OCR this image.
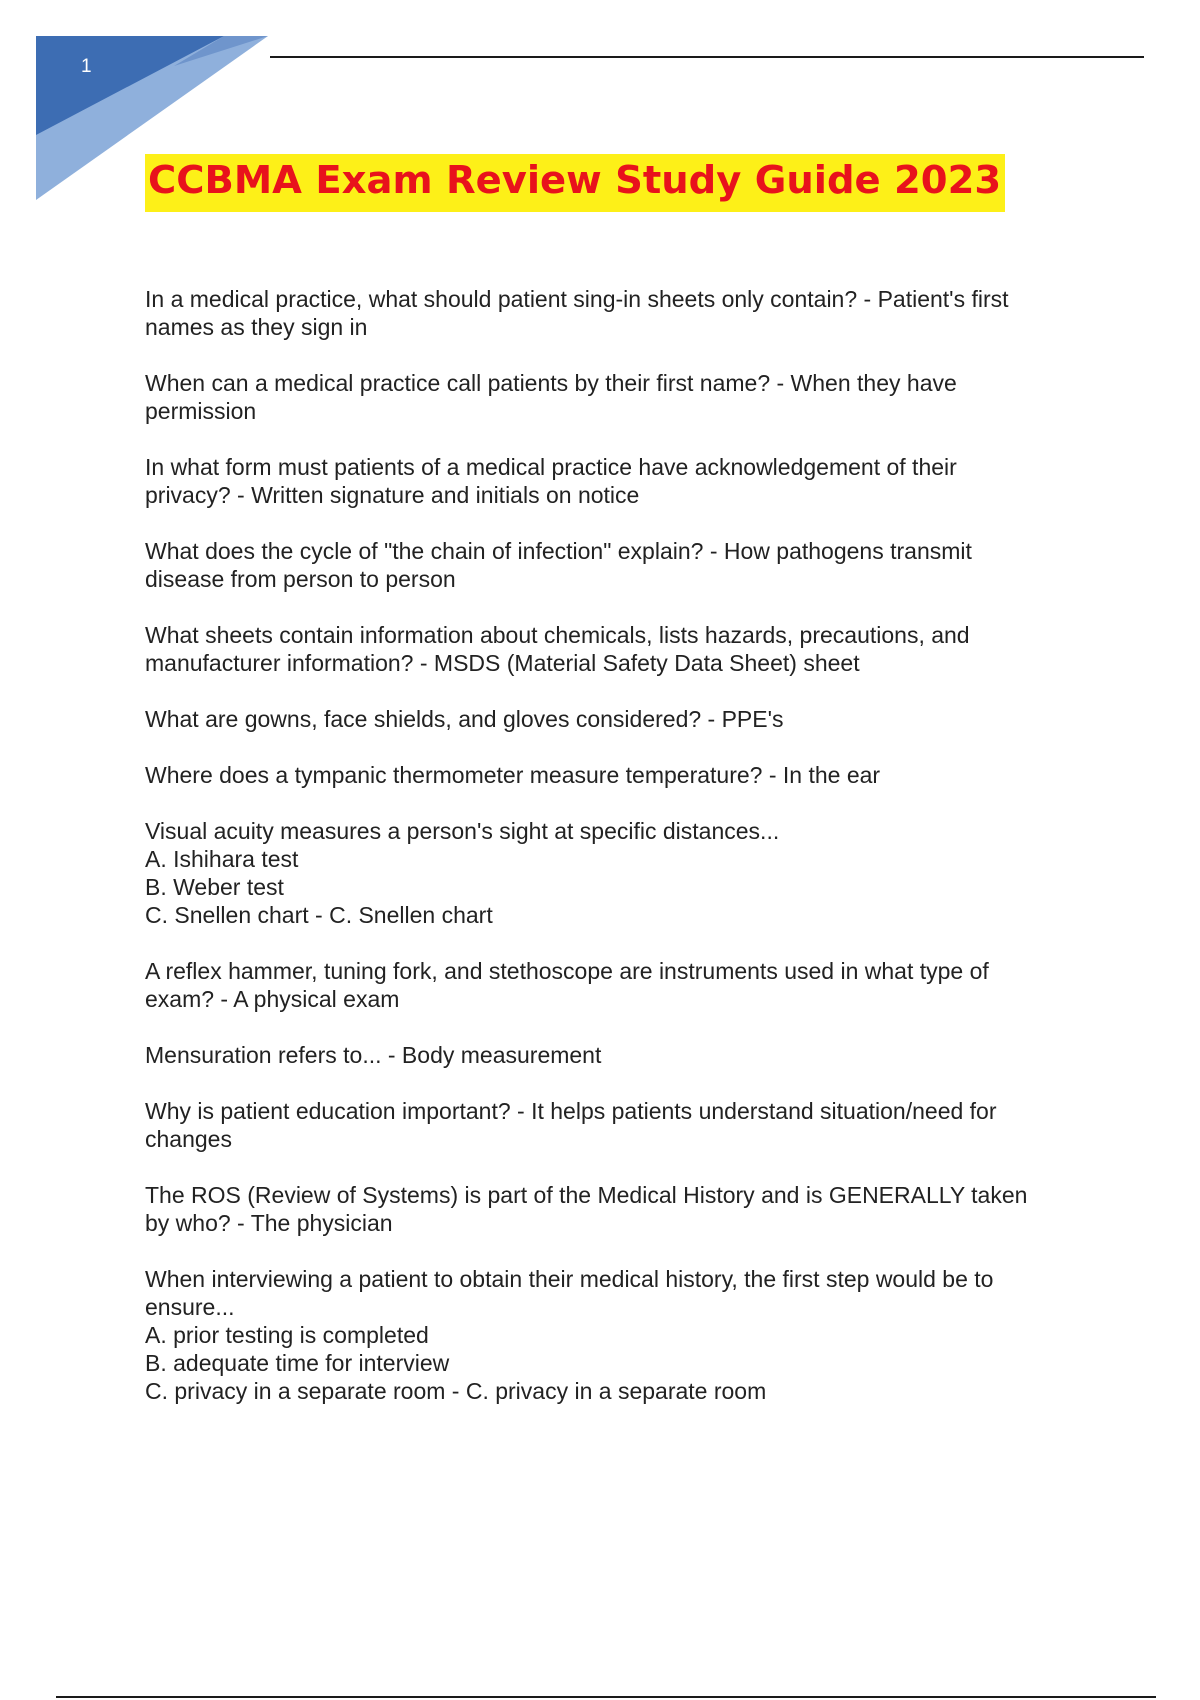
1
CCBMA Exam Review Study Guide 2023

In a medical practice, what should patient sing-in sheets only contain? - Patient's first
names as they sign in

When can a medical practice call patients by their first name? - When they have
permission

In what form must patients of a medical practice have acknowledgement of their
privacy? - Written signature and initials on notice

What does the cycle of "the chain of infection" explain? - How pathogens transmit
disease from person to person

What sheets contain information about chemicals, lists hazards, precautions, and
manufacturer information? - MSDS (Material Safety Data Sheet) sheet

What are gowns, face shields, and gloves considered? - PPE's

Where does a tympanic thermometer measure temperature? - In the ear

Visual acuity measures a person's sight at specific distances...
A. Ishihara test
B. Weber test
C. Snellen chart - C. Snellen chart

A reflex hammer, tuning fork, and stethoscope are instruments used in what type of
exam? - A physical exam

Mensuration refers to... - Body measurement

Why is patient education important? - It helps patients understand situation/need for
changes

The ROS (Review of Systems) is part of the Medical History and is GENERALLY taken
by who? - The physician

When interviewing a patient to obtain their medical history, the first step would be to
ensure...
A. prior testing is completed
B. adequate time for interview
C. privacy in a separate room - C. privacy in a separate room
